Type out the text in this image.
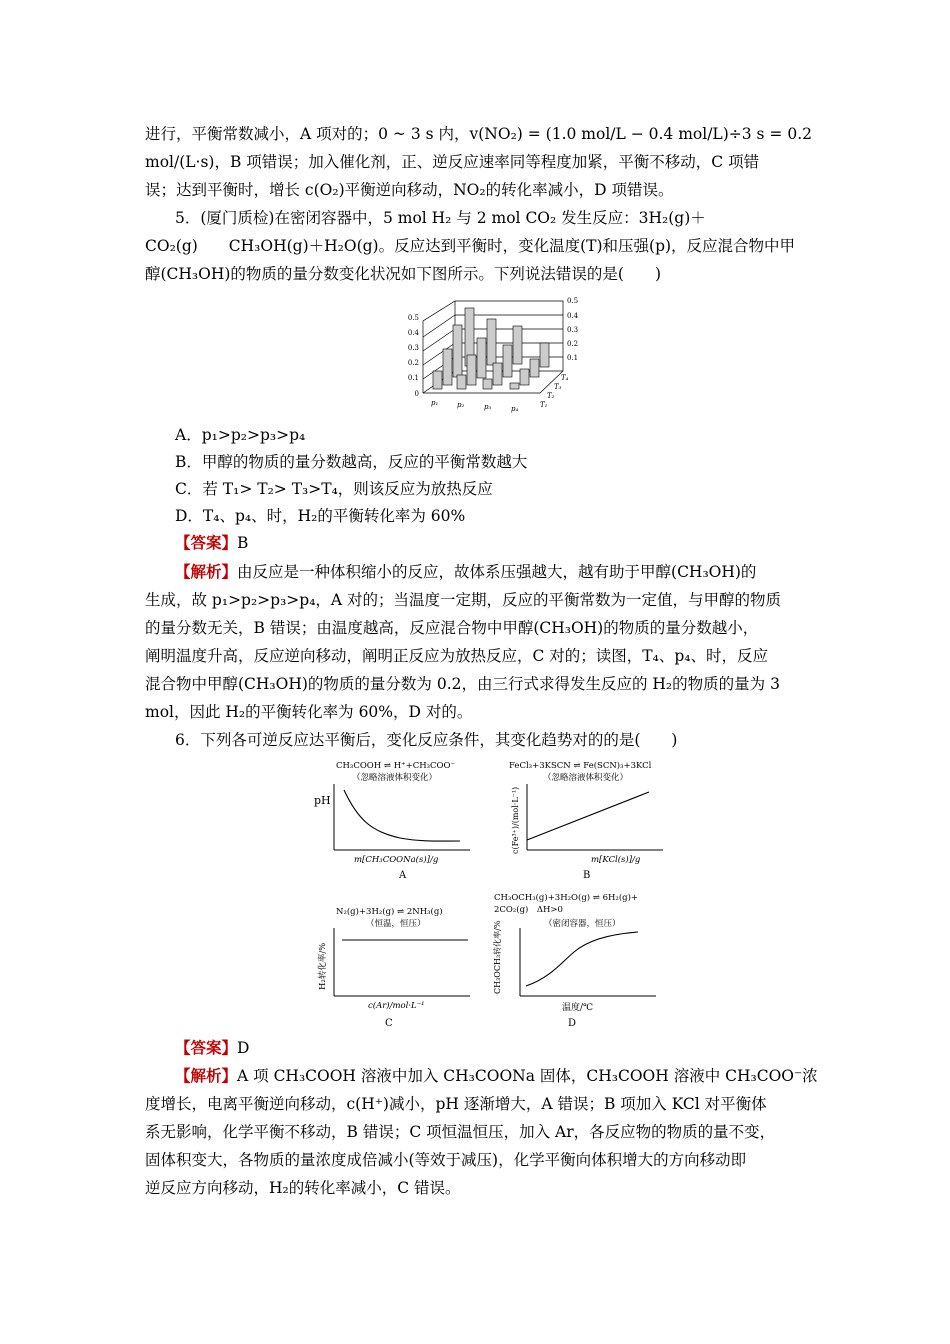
进行，平衡常数减小，A 项对的；0 ~ 3 s 内，v(NO₂) = (1.0 mol/L − 0.4 mol/L)÷3 s = 0.2
mol/(L·s)，B 项错误；加入催化剂，正、逆反应速率同等程度加紧，平衡不移动，C 项错
误；达到平衡时，增长 c(O₂)平衡逆向移动，NO₂的转化率减小，D 项错误。
5．(厦门质检)在密闭容器中，5 mol H₂ 与 2 mol CO₂ 发生反应：3H₂(g)＋
CO₂(g)　　CH₃OH(g)＋H₂O(g)。反应达到平衡时，变化温度(T)和压强(p)，反应混合物中甲
醇(CH₃OH)的物质的量分数变化状况如下图所示。下列说法错误的是(　　)
0.5
0.4
0.3
0.2
0.1
0
0.5
0.4
0.3
0.2
0.1
p₁	p₂	p₃	p₄
T₄
T₃
T₂
T₁
A．p₁>p₂>p₃>p₄
B．甲醇的物质的量分数越高，反应的平衡常数越大
C．若 T₁> T₂> T₃>T₄，则该反应为放热反应
D．T₄、p₄、时，H₂的平衡转化率为 60%
【答案】B
【解析】由反应是一种体积缩小的反应，故体系压强越大，越有助于甲醇(CH₃OH)的
生成，故 p₁>p₂>p₃>p₄，A 对的；当温度一定期，反应的平衡常数为一定值，与甲醇的物质
的量分数无关，B 错误；由温度越高，反应混合物中甲醇(CH₃OH)的物质的量分数越小，
阐明温度升高，反应逆向移动，阐明正反应为放热反应，C 对的；读图，T₄、p₄、时，反应
混合物中甲醇(CH₃OH)的物质的量分数为 0.2，由三行式求得发生反应的 H₂的物质的量为 3
mol，因此 H₂的平衡转化率为 60%，D 对的。
6．下列各可逆反应达平衡后，变化反应条件，其变化趋势对的的是(　　)
CH₃COOH ⇌ H⁺+CH₃COO⁻
（忽略溶液体积变化）
pH
m[CH₃COONa(s)]/g
A
FeCl₃+3KSCN ⇌ Fe(SCN)₃+3KCl
（忽略溶液体积变化）
c(Fe³⁺)/(mol·L⁻¹)
m[KCl(s)]/g
B
N₂(g)+3H₂(g) ⇌ 2NH₃(g)
（恒温，恒压）
H₂转化率/%
c(Ar)/mol·L⁻¹
C
CH₃OCH₃(g)+3H₂O(g) ⇌ 6H₂(g)+
2CO₂(g)　ΔH>0
（密闭容器，恒压）
CH₃OCH₃转化率/%
温度/℃
D
【答案】D
【解析】A 项 CH₃COOH 溶液中加入 CH₃COONa 固体，CH₃COOH 溶液中 CH₃COO⁻浓
度增长，电离平衡逆向移动，c(H⁺)减小，pH 逐渐增大，A 错误；B 项加入 KCl 对平衡体
系无影响，化学平衡不移动，B 错误；C 项恒温恒压，加入 Ar，各反应物的物质的量不变，
固体积变大，各物质的量浓度成倍减小(等效于减压)，化学平衡向体积增大的方向移动即
逆反应方向移动，H₂的转化率减小，C 错误。
